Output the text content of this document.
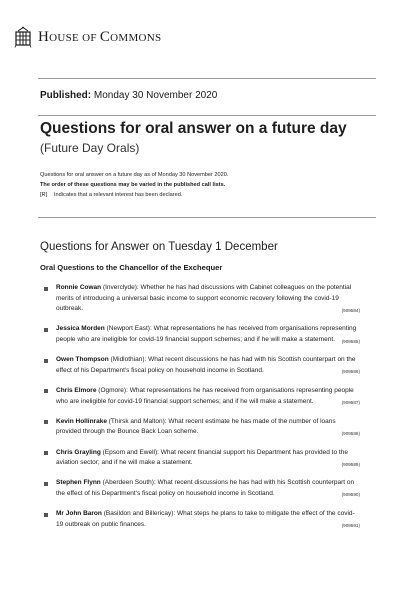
HOUSE OF COMMONS
Published: Monday 30 November 2020
Questions for oral answer on a future day
(Future Day Orals)
Questions for oral answer on a future day as of Monday 30 November 2020.
The order of these questions may be varied in the published call lists.
[R] Indicates that a relevant interest has been declared.
Questions for Answer on Tuesday 1 December
Oral Questions to the Chancellor of the Exchequer
Ronnie Cowan (Inverclyde): Whether he has had discussions with Cabinet colleagues on the potential merits of introducing a universal basic income to support economic recovery following the covid-19 outbreak.	(909584)
Jessica Morden (Newport East): What representations he has received from organisations representing people who are ineligible for covid-19 financial support schemes; and if he will make a statement. (909585)
Owen Thompson (Midlothian): What recent discussions he has had with his Scottish counterpart on the effect of his Department's fiscal policy on household income in Scotland.	(909586)
Chris Elmore (Ogmore): What representations he has received from organisations representing people who are ineligible for covid-19 financial support schemes; and if he will make a statement.	(909587)
Kevin Hollinrake (Thirsk and Malton): What recent estimate he has made of the number of loans provided through the Bounce Back Loan scheme.	(909588)
Chris Grayling (Epsom and Ewell): What recent financial support his Department has provided to the aviation sector; and if he will make a statement.	(909589)
Stephen Flynn (Aberdeen South): What recent discussions he has had with his Scottish counterpart on the effect of his Department's fiscal policy on household income in Scotland.	(909590)
Mr John Baron (Basildon and Billericay): What steps he plans to take to mitigate the effect of the covid-19 outbreak on public finances.	(909591)
